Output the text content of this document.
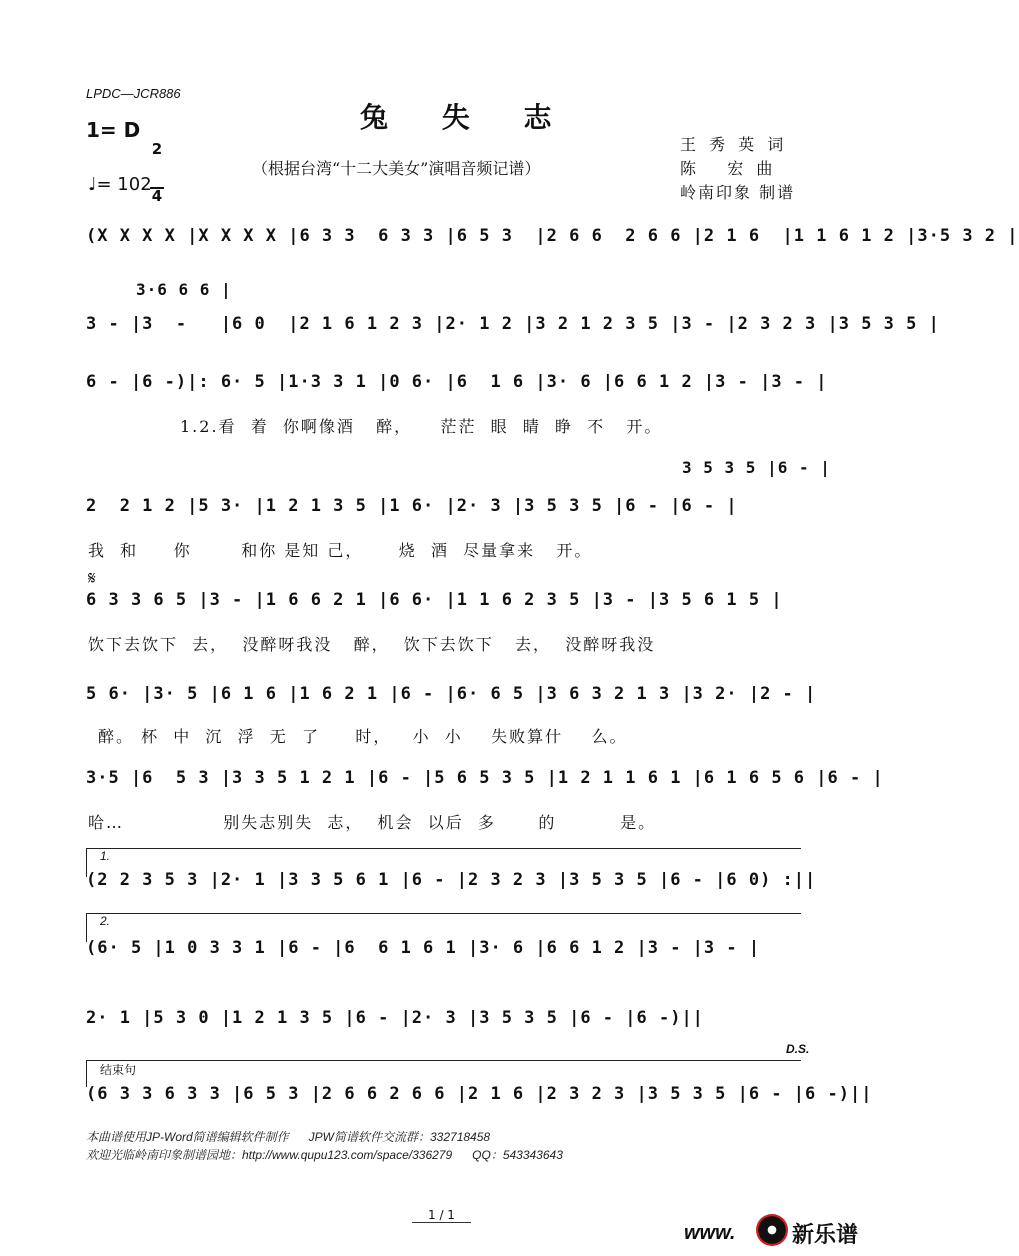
LPDC—JCR886
兔 失 志
1= D

2

4

♩= 102
（根据台湾“十二大美女”演唱音频记谱）
王 秀 英 词
陈   宏 曲
岭南印象 制谱
(X X X X |X X X X |6 3 3  6 3 3 |6 5 3  |2 6 6  2 6 6 |2 1 6  |1 1 6 1 2 |3·5 3 2 |
3·6 6 6 |
3 - |3  -   |6 0  |2 1 6 1 2 3 |2· 1 2 |3 2 1 2 3 5 |3 - |2 3 2 3 |3 5 3 5 |
6 - |6 -)|: 6· 5 |1·3 3 1 |0 6· |6  1 6 |3· 6 |6 6 1 2 |3 - |3 - |
1.2.看  着  你啊像酒   醉，    茫茫  眼  睛  睁  不   开。
3 5 3 5 |6 - |
2  2 1 2 |5 3· |1 2 1 3 5 |1 6· |2· 3 |3 5 3 5 |6 - |6 - |
我  和     你       和你 是知 己，     烧  酒  尽量拿来   开。
𝄋
6 3 3 6 5 |3 - |1 6 6 2 1 |6 6· |1 1 6 2 3 5 |3 - |3 5 6 1 5 |
饮下去饮下  去，  没醉呀我没   醉，  饮下去饮下   去，  没醉呀我没
5 6· |3· 5 |6 1 6 |1 6 2 1 |6 - |6· 6 5 |3 6 3 2 1 3 |3 2· |2 - |
醉。 杯  中  沉  浮  无  了     时，   小  小    失败算什    么。
3·5 |6  5 3 |3 3 5 1 2 1 |6 - |5 6 5 3 5 |1 2 1 1 6 1 |6 1 6 5 6 |6 - |
哈…              别失志别失  志，  机会  以后  多      的         是。
1.
(2 2 3 5 3 |2· 1 |3 3 5 6 1 |6 - |2 3 2 3 |3 5 3 5 |6 - |6 0) :||
2.
(6· 5 |1 0 3 3 1 |6 - |6  6 1 6 1 |3· 6 |6 6 1 2 |3 - |3 - |
2· 1 |5 3 0 |1 2 1 3 5 |6 - |2· 3 |3 5 3 5 |6 - |6 -)||
D.S.
结束句
(6 3 3 6 3 3 |6 5 3 |2 6 6 2 6 6 |2 1 6 |2 3 2 3 |3 5 3 5 |6 - |6 -)||
本曲谱使用JP-Word简谱编辑软件制作      JPW简谱软件交流群：332718458
欢迎光临岭南印象制谱园地：http://www.qupu123.com/space/336279      QQ：543343643
1 / 1
www.	新乐谱
